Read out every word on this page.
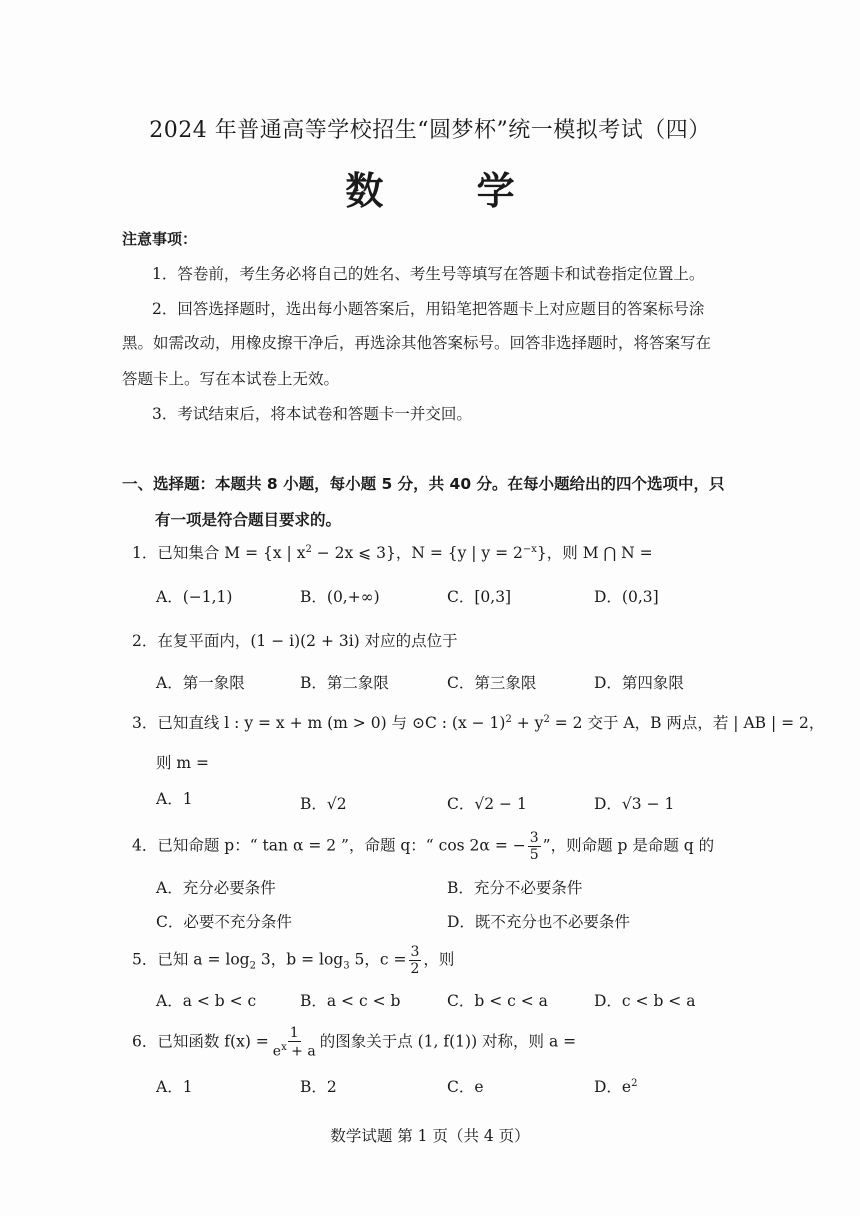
2024 年普通高等学校招生“圆梦杯”统一模拟考试（四）
数 学
注意事项：
1．答卷前，考生务必将自己的姓名、考生号等填写在答题卡和试卷指定位置上。
2．回答选择题时，选出每小题答案后，用铅笔把答题卡上对应题目的答案标号涂
黑。如需改动，用橡皮擦干净后，再选涂其他答案标号。回答非选择题时，将答案写在
答题卡上。写在本试卷上无效。
3．考试结束后，将本试卷和答题卡一并交回。
一、选择题：本题共 8 小题，每小题 5 分，共 40 分。在每小题给出的四个选项中，只
有一项是符合题目要求的。
1．已知集合 M = {x | $x^2 - 2x$ ⩽ 3}，N = {y | $y = 2^{-x}$}，则 M ⋂ N =
A．(−1,1)	B．(0,+∞)	C．[0,3]	D．(0,3]
2．在复平面内，(1 − i)(2 + 3i) 对应的点位于
A．第一象限	B．第二象限	C．第三象限	D．第四象限
3．已知直线 l : y = x + m (m > 0) 与 ⊙C : $(x - 1)^2 + y^2 = 2$ 交于 A，B 两点，若 | AB | = 2，
则 m =
A．1	B．√2	C．√2 − 1	D．√3 − 1
4．已知命题 p：“ tan α = 2 ”，命题 q：“ cos 2α = − $\frac{3}{5}$ ”，则命题 p 是命题 q 的
A．充分必要条件	B．充分不必要条件
C．必要不充分条件	D．既不充分也不必要条件
5．已知 $a = \log_2 3$，$b = \log_3 5$，$c = \frac{3}{2}$ ，则
A．a < b < c	B．a < c < b	C．b < c < a	D．c < b < a
6．已知函数 $f(x) = \frac{1}{e^x + a}$ 的图象关于点 (1, f(1)) 对称，则 a =
A．1	B．2	C．e	D．$e^2$
数学试题 第 1 页（共 4 页）
